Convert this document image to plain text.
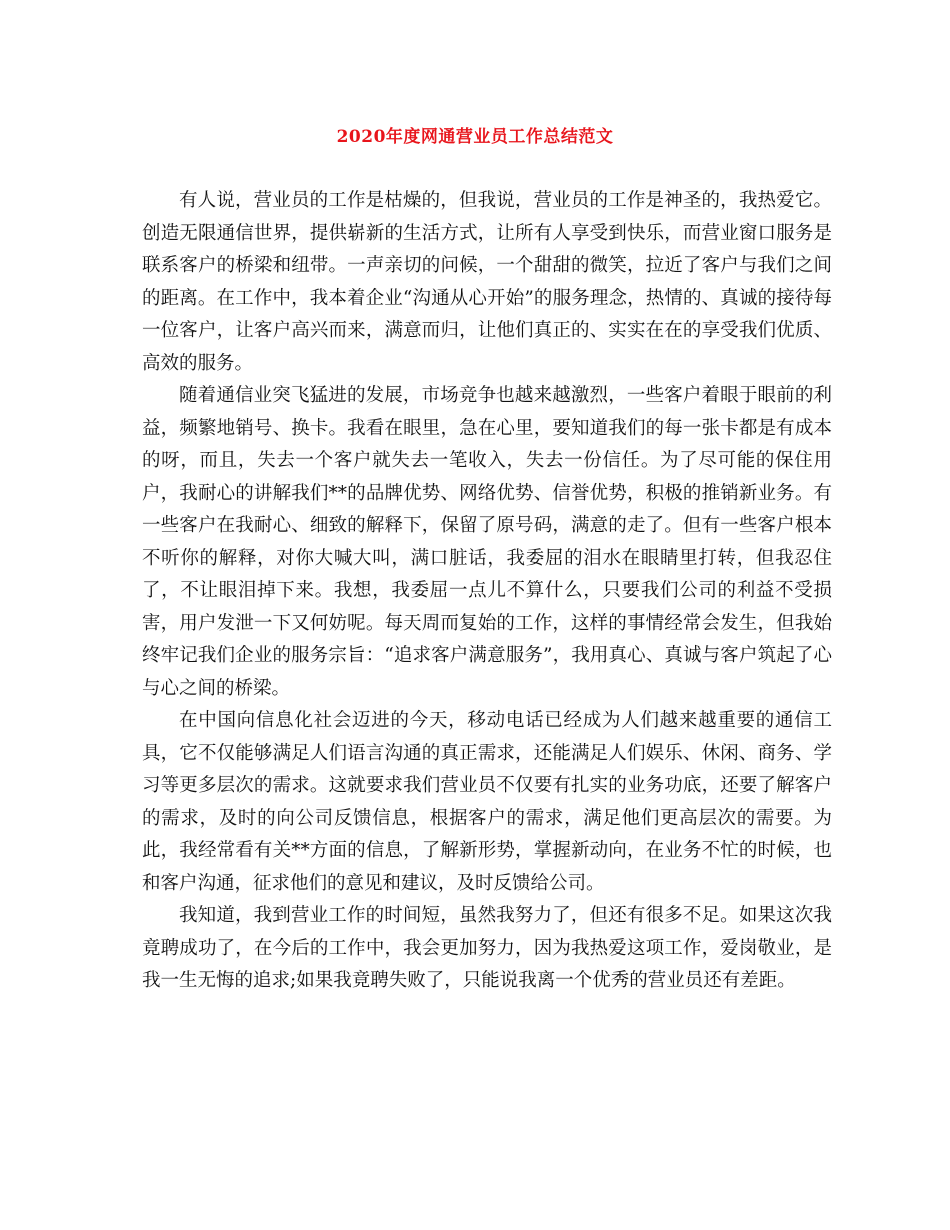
2020年度网通营业员工作总结范文

有人说，营业员的工作是枯燥的，但我说，营业员的工作是神圣的，我热爱它。创造无限通信世界，提供崭新的生活方式，让所有人享受到快乐，而营业窗口服务是联系客户的桥梁和纽带。一声亲切的问候，一个甜甜的微笑，拉近了客户与我们之间的距离。在工作中，我本着企业“沟通从心开始”的服务理念，热情的、真诚的接待每一位客户，让客户高兴而来，满意而归，让他们真正的、实实在在的享受我们优质、高效的服务。

随着通信业突飞猛进的发展，市场竞争也越来越激烈，一些客户着眼于眼前的利益，频繁地销号、换卡。我看在眼里，急在心里，要知道我们的每一张卡都是有成本的呀，而且，失去一个客户就失去一笔收入，失去一份信任。为了尽可能的保住用户，我耐心的讲解我们**的品牌优势、网络优势、信誉优势，积极的推销新业务。有一些客户在我耐心、细致的解释下，保留了原号码，满意的走了。但有一些客户根本不听你的解释，对你大喊大叫，满口脏话，我委屈的泪水在眼睛里打转，但我忍住了，不让眼泪掉下来。我想，我委屈一点儿不算什么，只要我们公司的利益不受损害，用户发泄一下又何妨呢。每天周而复始的工作，这样的事情经常会发生，但我始终牢记我们企业的服务宗旨：“追求客户满意服务”，我用真心、真诚与客户筑起了心与心之间的桥梁。

在中国向信息化社会迈进的今天，移动电话已经成为人们越来越重要的通信工具，它不仅能够满足人们语言沟通的真正需求，还能满足人们娱乐、休闲、商务、学习等更多层次的需求。这就要求我们营业员不仅要有扎实的业务功底，还要了解客户的需求，及时的向公司反馈信息，根据客户的需求，满足他们更高层次的需要。为此，我经常看有关**方面的信息，了解新形势，掌握新动向，在业务不忙的时候，也和客户沟通，征求他们的意见和建议，及时反馈给公司。

我知道，我到营业工作的时间短，虽然我努力了，但还有很多不足。如果这次我竟聘成功了，在今后的工作中，我会更加努力，因为我热爱这项工作，爱岗敬业，是我一生无悔的追求;如果我竟聘失败了，只能说我离一个优秀的营业员还有差距。
